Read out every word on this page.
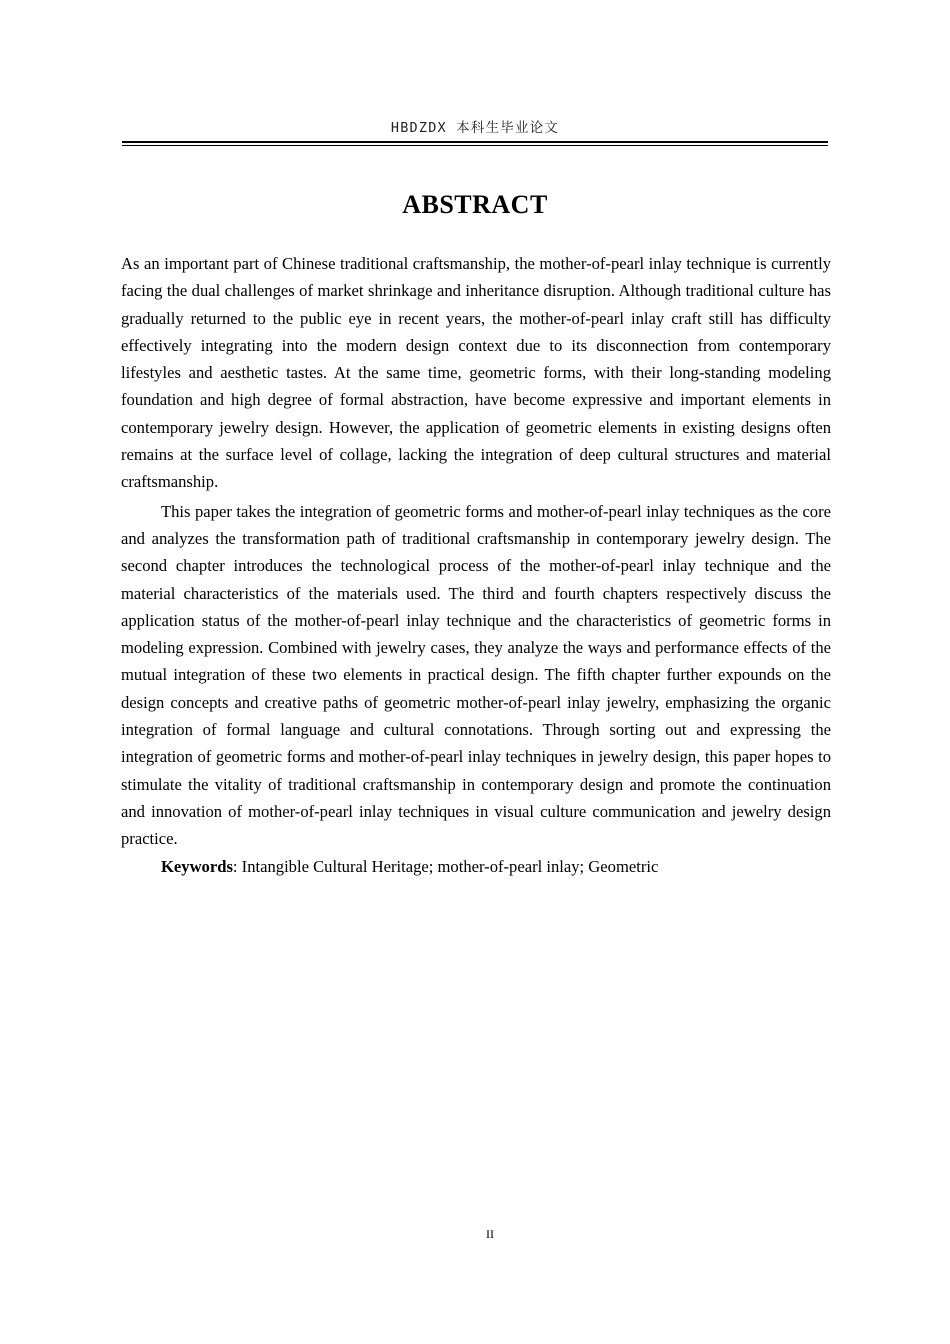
HBDZDX 本科生毕业论文
ABSTRACT

As an important part of Chinese traditional craftsmanship, the mother-of-pearl inlay technique is currently facing the dual challenges of market shrinkage and inheritance disruption. Although traditional culture has gradually returned to the public eye in recent years, the mother-of-pearl inlay craft still has difficulty effectively integrating into the modern design context due to its disconnection from contemporary lifestyles and aesthetic tastes. At the same time, geometric forms, with their long-standing modeling foundation and high degree of formal abstraction, have become expressive and important elements in contemporary jewelry design. However, the application of geometric elements in existing designs often remains at the surface level of collage, lacking the integration of deep cultural structures and material craftsmanship.

This paper takes the integration of geometric forms and mother-of-pearl inlay techniques as the core and analyzes the transformation path of traditional craftsmanship in contemporary jewelry design. The second chapter introduces the technological process of the mother-of-pearl inlay technique and the material characteristics of the materials used. The third and fourth chapters respectively discuss the application status of the mother-of-pearl inlay technique and the characteristics of geometric forms in modeling expression. Combined with jewelry cases, they analyze the ways and performance effects of the mutual integration of these two elements in practical design. The fifth chapter further expounds on the design concepts and creative paths of geometric mother-of-pearl inlay jewelry, emphasizing the organic integration of formal language and cultural connotations. Through sorting out and expressing the integration of geometric forms and mother-of-pearl inlay techniques in jewelry design, this paper hopes to stimulate the vitality of traditional craftsmanship in contemporary design and promote the continuation and innovation of mother-of-pearl inlay techniques in visual culture communication and jewelry design practice.

Keywords: Intangible Cultural Heritage; mother-of-pearl inlay; Geometric

II
